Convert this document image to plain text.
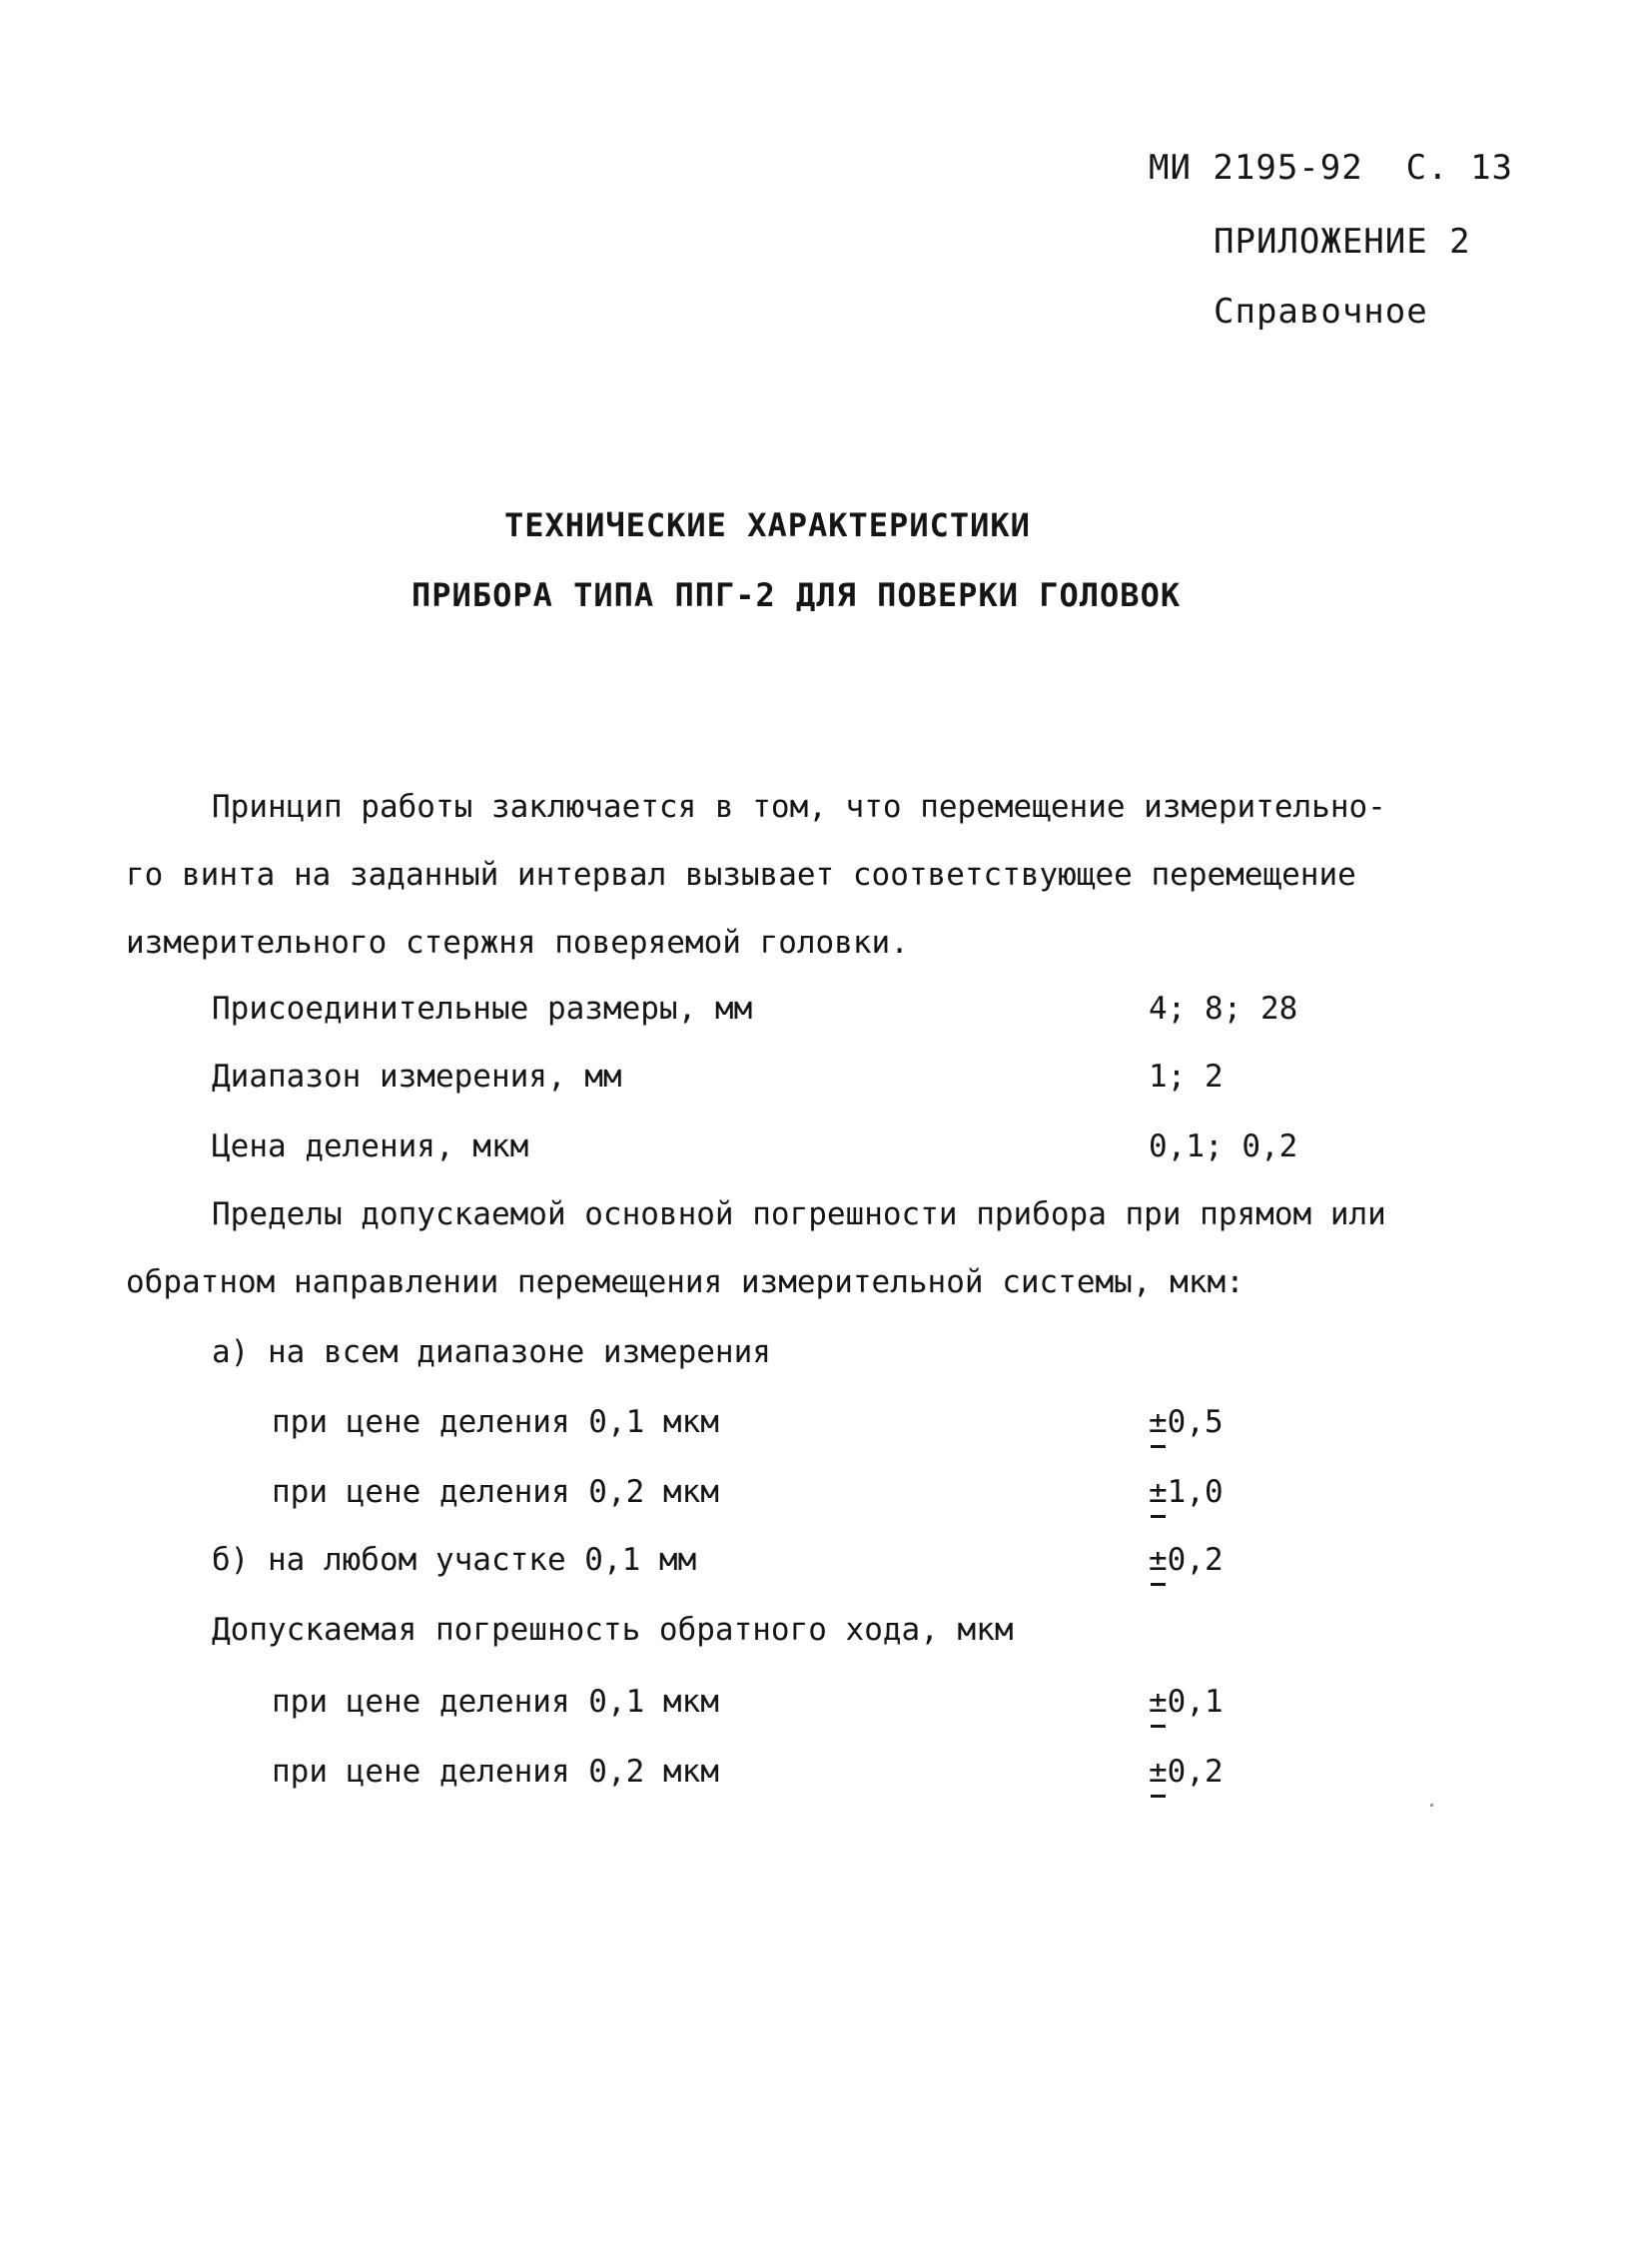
МИ 2195-92 С. 13
ПРИЛОЖЕНИЕ 2
Справочное
ТЕХНИЧЕСКИЕ ХАРАКТЕРИСТИКИ
ПРИБОРА ТИПА ППГ-2 ДЛЯ ПОВЕРКИ ГОЛОВОК
Принцип работы заключается в том, что перемещение измерительно-
го винта на заданный интервал вызывает соответствующее перемещение
измерительного стержня поверяемой головки.
Присоединительные размеры, мм	4; 8; 28
Диапазон измерения, мм	1; 2
Цена деления, мкм	0,1; 0,2
Пределы допускаемой основной погрешности прибора при прямом или
обратном направлении перемещения измерительной системы, мкм:
а) на всем диапазоне измерения
при цене деления 0,1 мкм	±0,5
при цене деления 0,2 мкм	±1,0
б) на любом участке 0,1 мм	±0,2
Допускаемая погрешность обратного хода, мкм
при цене деления 0,1 мкм	±0,1
при цене деления 0,2 мкм	±0,2
